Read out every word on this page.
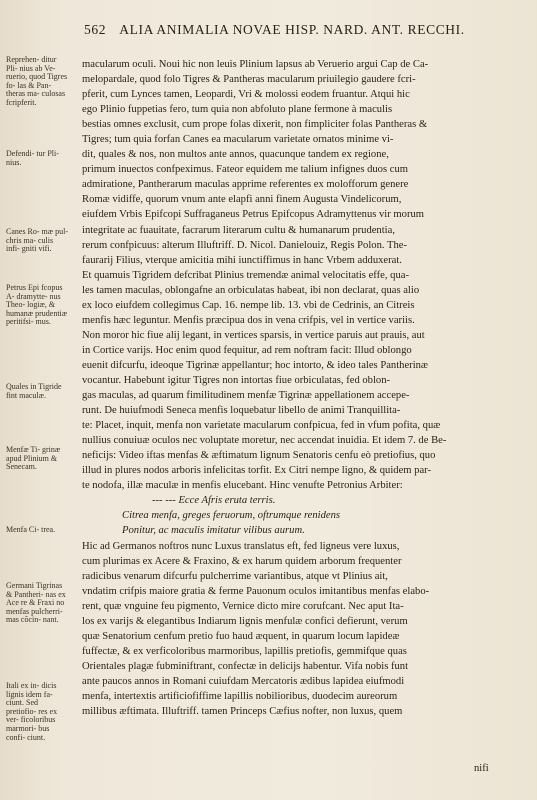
562 ALIA ANIMALIA NOVAE HISP. NARD. ANT. RECCHI.
Reprehen- ditur Pli- nius ab Ve- ruerio, quod Tigres fo- las & Pan- theras ma- culosas fcripferit.
Defendi- tur Pli- nius.
Canes Ro- mæ pul- chris ma- culis infi- gniti vifi.
Petrus Epi fcopus A- dramytte- nus Theo- logiæ, & humanæ prudentiæ peritifsi- mus.
Quales in Tigride fint maculæ.
Menfæ Ti- grinæ apud Plinium & Senecam.
Menfa Ci- trea.
Germani Tigrinas & Pantheri- nas ex Ace re & Fraxi no menfas pulcherri- mas cõcin- nant.
Itali ex in- dicis lignis idem fa- ciunt. Sed pretiofio- res ex ver- ficoloribus marmori- bus confi- ciunt.
macularum oculi. Noui hic non leuis Plinium lapsus ab Veruerio argui Cap de Ca-
melopardale, quod folo Tigres & Pantheras macularum priuilegio gaudere fcri-
pferit, cum Lynces tamen, Leopardi, Vri & molossi eodem fruantur. Atqui hic
ego Plinio fuppetias fero, tum quia non abfoluto plane fermone à maculis
bestias omnes exclusit, cum prope folas dixerit, non fimpliciter folas Pantheras &
Tigres; tum quia forfan Canes ea macularum varietate ornatos minime vi-
dit, quales & nos, non multos ante annos, quacunque tandem ex regione,
primum inuectos confpeximus. Fateor equidem me talium infignes duos cum
admiratione, Pantherarum maculas apprime referentes ex molofforum genere
Romæ vidiffe, quorum vnum ante elapfi anni finem Augusta Vindelicorum,
eiufdem Vrbis Epifcopi Suffraganeus Petrus Epifcopus Adramyttenus vir morum
integritate ac fuauitate, facrarum literarum cultu & humanarum prudentia,
rerum confpicuus: alterum Illuftriff. D. Nicol. Danielouiz, Regis Polon. The-
faurarij Filius, vterque amicitia mihi iunctiffimus in hanc Vrbem adduxerat.
Et quamuis Tigridem defcribat Plinius tremendæ animal velocitatis effe, qua-
les tamen maculas, oblongafne an orbiculatas habeat, ibi non declarat, quas alio
ex loco eiufdem collegimus Cap. 16. nempe lib. 13. vbi de Cedrinis, an Citreis
menfis hæc leguntur. Menfis præcipua dos in vena crifpis, vel in vertice variis.
Non moror hic fiue alij legant, in vertices sparsis, in vertice paruis aut prauis, aut
in Cortice varijs. Hoc enim quod fequitur, ad rem noftram facit: Illud oblongo
euenit difcurfu, ideoque Tigrinæ appellantur; hoc intorto, & ideo tales Pantherinæ
vocantur. Habebunt igitur Tigres non intortas fiue orbiculatas, fed oblon-
gas maculas, ad quarum fimilitudinem menfæ Tigrinæ appellationem accepe-
runt. De huiufmodi Seneca menfis loquebatur libello de animi Tranquillita-
te: Placet, inquit, menfa non varietate macularum confpicua, fed in vfum pofita, quæ
nullius conuiuæ oculos nec voluptate moretur, nec accendat inuidia. Et idem 7. de Be-
neficijs: Video iftas menfas & æftimatum lignum Senatoris cenfu eò pretiofius, quo
illud in plures nodos arboris infelicitas torfit. Ex Citri nempe ligno, & quidem par-
te nodofa, illæ maculæ in menfis elucebant. Hinc venufte Petronius Arbiter:
--- --- Ecce Afris eruta terris.
Citrea menfa, greges feruorum, oftrumque renidens
Ponitur, ac maculis imitatur vilibus aurum.
Hic ad Germanos noftros nunc Luxus translatus eft, fed ligneus vere luxus,
cum plurimas ex Acere & Fraxino, & ex harum quidem arborum frequenter
radicibus venarum difcurfu pulcherrime variantibus, atque vt Plinius ait,
vndatim crifpis maiore gratia & ferme Pauonum oculos imitantibus menfas elabo-
rent, quæ vnguine feu pigmento, Vernice dicto mire corufcant. Nec aput Ita-
los ex varijs & elegantibus Indiarum lignis menfulæ confici defierunt, verum
quæ Senatorium cenfum pretio fuo haud æquent, in quarum locum lapideæ
fuffectæ, & ex verficoloribus marmoribus, lapillis pretiofis, gemmifque quas
Orientales plagæ fubminiftrant, confectæ in delicijs habentur. Vifa nobis funt
ante paucos annos in Romani cuiufdam Mercatoris ædibus lapidea eiufmodi
menfa, intertextis artificiofiffime lapillis nobilioribus, duodecim aureorum
millibus æftimata. Illuftriff. tamen Princeps Cæfius nofter, non luxus, quem
nifi
